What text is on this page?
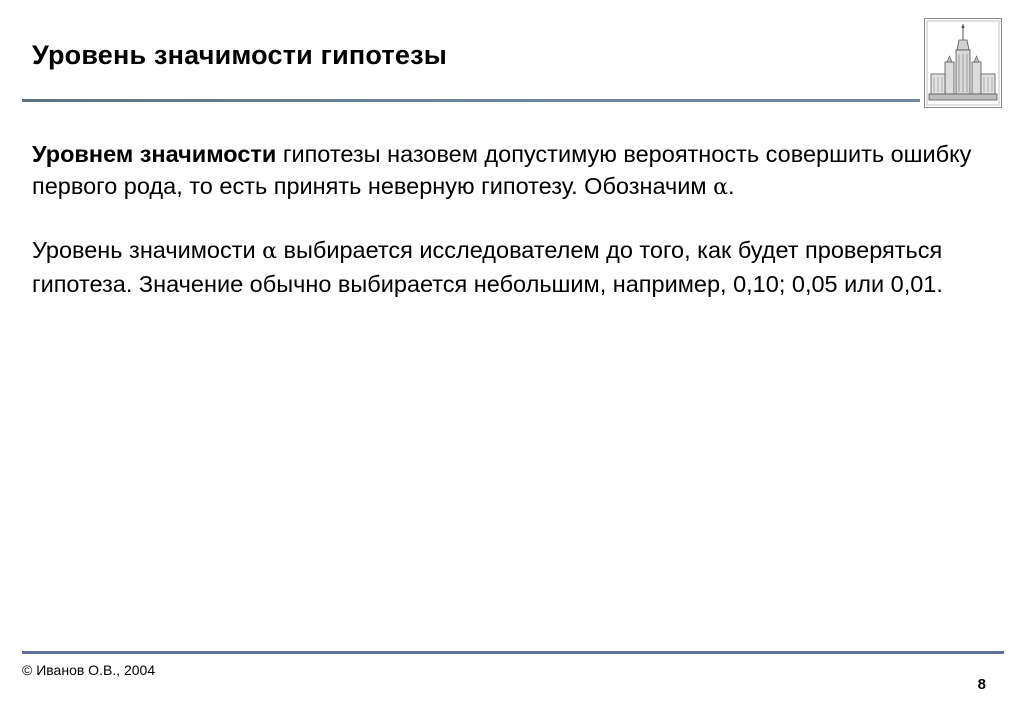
Уровень значимости гипотезы

Уровнем значимости гипотезы назовем допустимую вероятность совершить ошибку первого рода, то есть принять неверную гипотезу. Обозначим α.

Уровень значимости α выбирается исследователем до того, как будет проверяться гипотеза. Значение обычно выбирается небольшим, например, 0,10; 0,05 или 0,01.

© Иванов О.В., 2004
8
